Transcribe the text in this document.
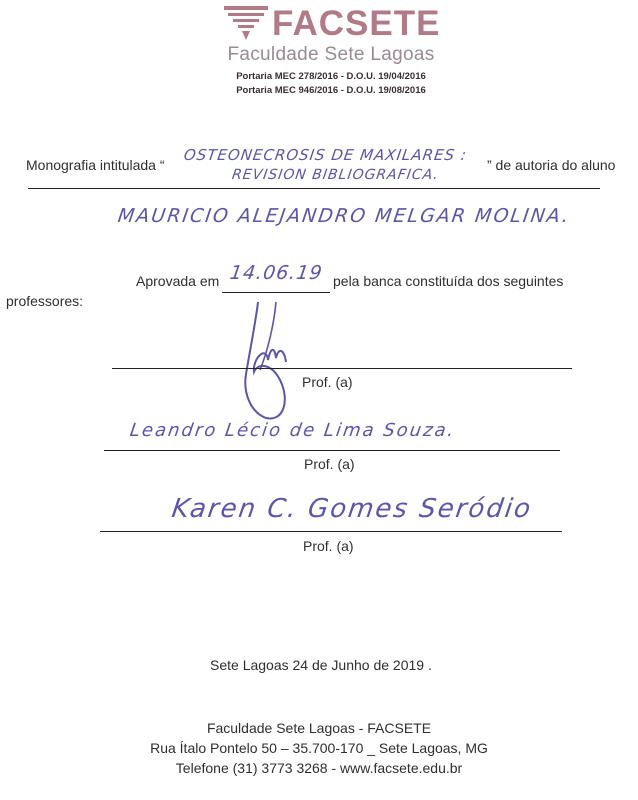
FACSETE
Faculdade Sete Lagoas
Portaria MEC 278/2016 - D.O.U. 19/04/2016
Portaria MEC 946/2016 - D.O.U. 19/08/2016
Monografia intitulada “
OSTEONECROSIS DE MAXILARES :
REVISION BIBLIOGRAFICA.
” de autoria do aluno
MAURICIO ALEJANDRO MELGAR MOLINA.
Aprovada em 14.06.19 pela banca constituída dos seguintes
professores:
Prof. (a)
Leandro Lécio de Lima Souza.
Prof. (a)
Karen C. Gomes Seródio
Prof. (a)
Sete Lagoas 24 de Junho de 2019 .
Faculdade Sete Lagoas - FACSETE
Rua Ítalo Pontelo 50 – 35.700-170 _ Sete Lagoas, MG
Telefone (31) 3773 3268 - www.facsete.edu.br
